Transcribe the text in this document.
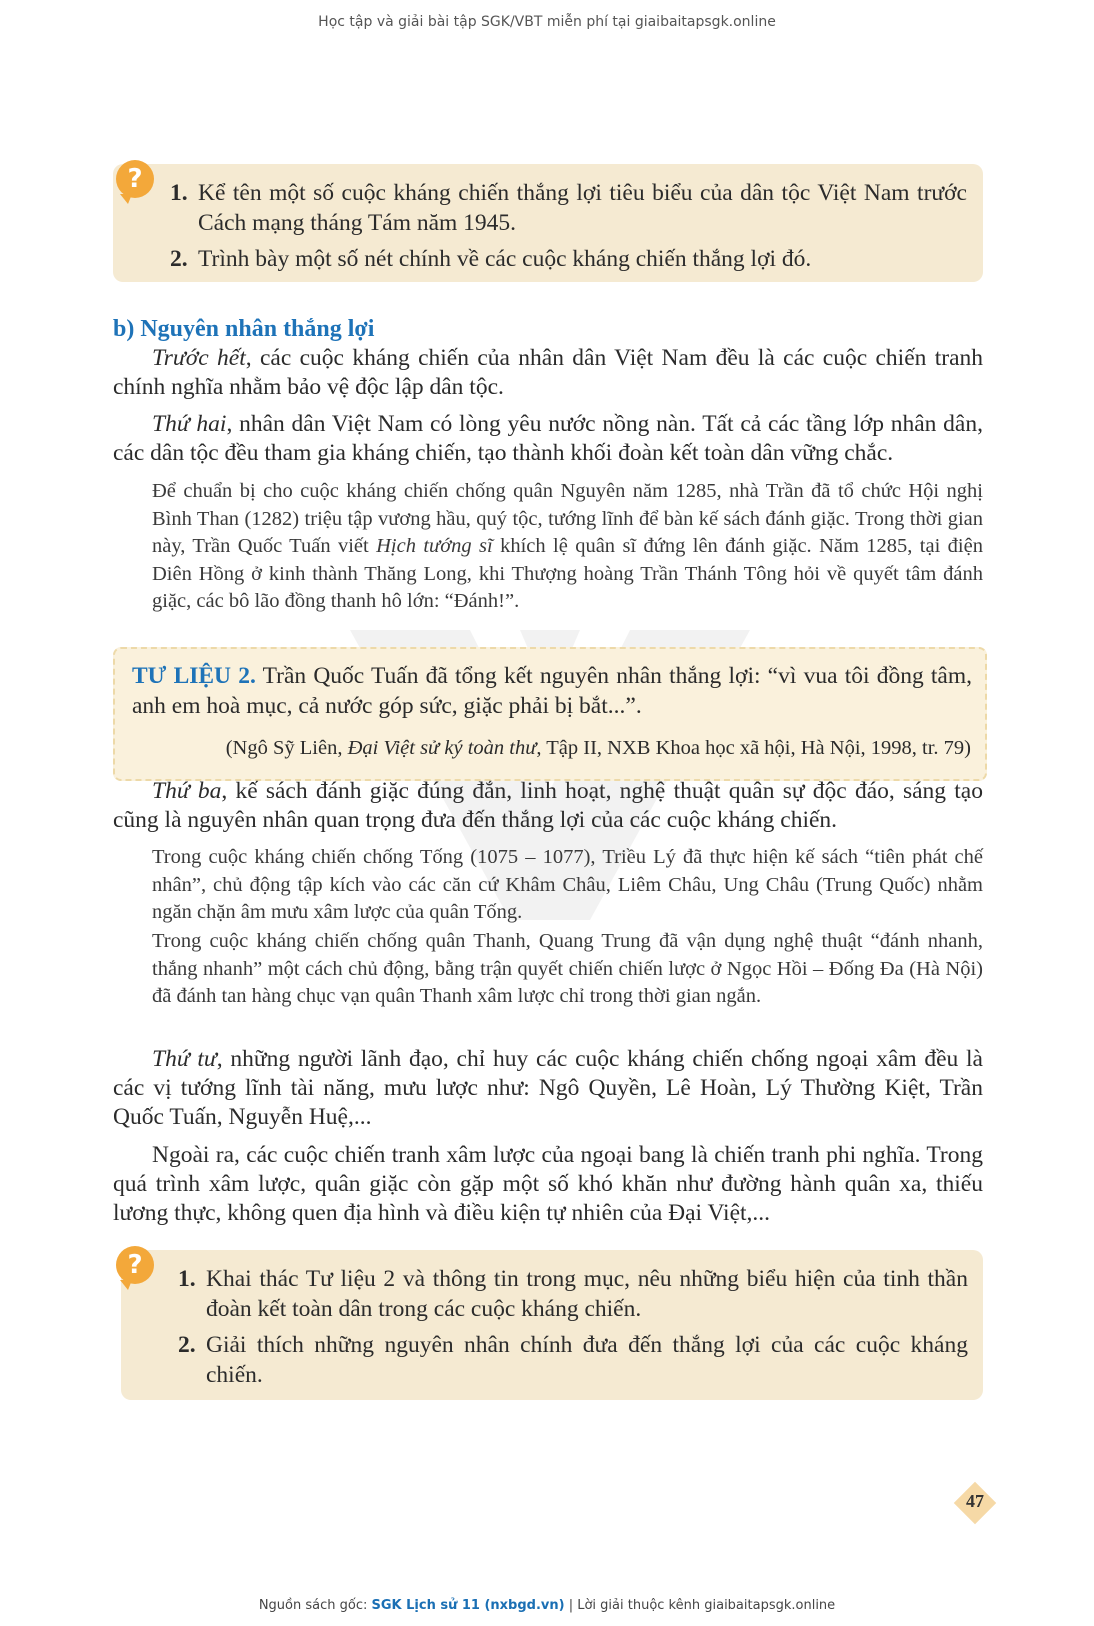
Học tập và giải bài tập SGK/VBT miễn phí tại giaibaitapsgk.online
?	1. Kể tên một số cuộc kháng chiến thắng lợi tiêu biểu của dân tộc Việt Nam trước Cách mạng tháng Tám năm 1945.
2. Trình bày một số nét chính về các cuộc kháng chiến thắng lợi đó.
b) Nguyên nhân thắng lợi

Trước hết, các cuộc kháng chiến của nhân dân Việt Nam đều là các cuộc chiến tranh chính nghĩa nhằm bảo vệ độc lập dân tộc.

Thứ hai, nhân dân Việt Nam có lòng yêu nước nồng nàn. Tất cả các tầng lớp nhân dân, các dân tộc đều tham gia kháng chiến, tạo thành khối đoàn kết toàn dân vững chắc.

Để chuẩn bị cho cuộc kháng chiến chống quân Nguyên năm 1285, nhà Trần đã tổ chức Hội nghị Bình Than (1282) triệu tập vương hầu, quý tộc, tướng lĩnh để bàn kế sách đánh giặc. Trong thời gian này, Trần Quốc Tuấn viết Hịch tướng sĩ khích lệ quân sĩ đứng lên đánh giặc. Năm 1285, tại điện Diên Hồng ở kinh thành Thăng Long, khi Thượng hoàng Trần Thánh Tông hỏi về quyết tâm đánh giặc, các bô lão đồng thanh hô lớn: “Đánh!”.

TƯ LIỆU 2. Trần Quốc Tuấn đã tổng kết nguyên nhân thắng lợi: “vì vua tôi đồng tâm, anh em hoà mục, cả nước góp sức, giặc phải bị bắt...”.
(Ngô Sỹ Liên, Đại Việt sử ký toàn thư, Tập II, NXB Khoa học xã hội, Hà Nội, 1998, tr. 79)

Thứ ba, kế sách đánh giặc đúng đắn, linh hoạt, nghệ thuật quân sự độc đáo, sáng tạo cũng là nguyên nhân quan trọng đưa đến thắng lợi của các cuộc kháng chiến.

Trong cuộc kháng chiến chống Tống (1075 – 1077), Triều Lý đã thực hiện kế sách “tiên phát chế nhân”, chủ động tập kích vào các căn cứ Khâm Châu, Liêm Châu, Ung Châu (Trung Quốc) nhằm ngăn chặn âm mưu xâm lược của quân Tống.

Trong cuộc kháng chiến chống quân Thanh, Quang Trung đã vận dụng nghệ thuật “đánh nhanh, thắng nhanh” một cách chủ động, bằng trận quyết chiến chiến lược ở Ngọc Hồi – Đống Đa (Hà Nội) đã đánh tan hàng chục vạn quân Thanh xâm lược chỉ trong thời gian ngắn.

Thứ tư, những người lãnh đạo, chỉ huy các cuộc kháng chiến chống ngoại xâm đều là các vị tướng lĩnh tài năng, mưu lược như: Ngô Quyền, Lê Hoàn, Lý Thường Kiệt, Trần Quốc Tuấn, Nguyễn Huệ,...

Ngoài ra, các cuộc chiến tranh xâm lược của ngoại bang là chiến tranh phi nghĩa. Trong quá trình xâm lược, quân giặc còn gặp một số khó khăn như đường hành quân xa, thiếu lương thực, không quen địa hình và điều kiện tự nhiên của Đại Việt,...

?	1. Khai thác Tư liệu 2 và thông tin trong mục, nêu những biểu hiện của tinh thần đoàn kết toàn dân trong các cuộc kháng chiến.
2. Giải thích những nguyên nhân chính đưa đến thắng lợi của các cuộc kháng chiến.
47
Nguồn sách gốc: SGK Lịch sử 11 (nxbgd.vn) | Lời giải thuộc kênh giaibaitapsgk.online
